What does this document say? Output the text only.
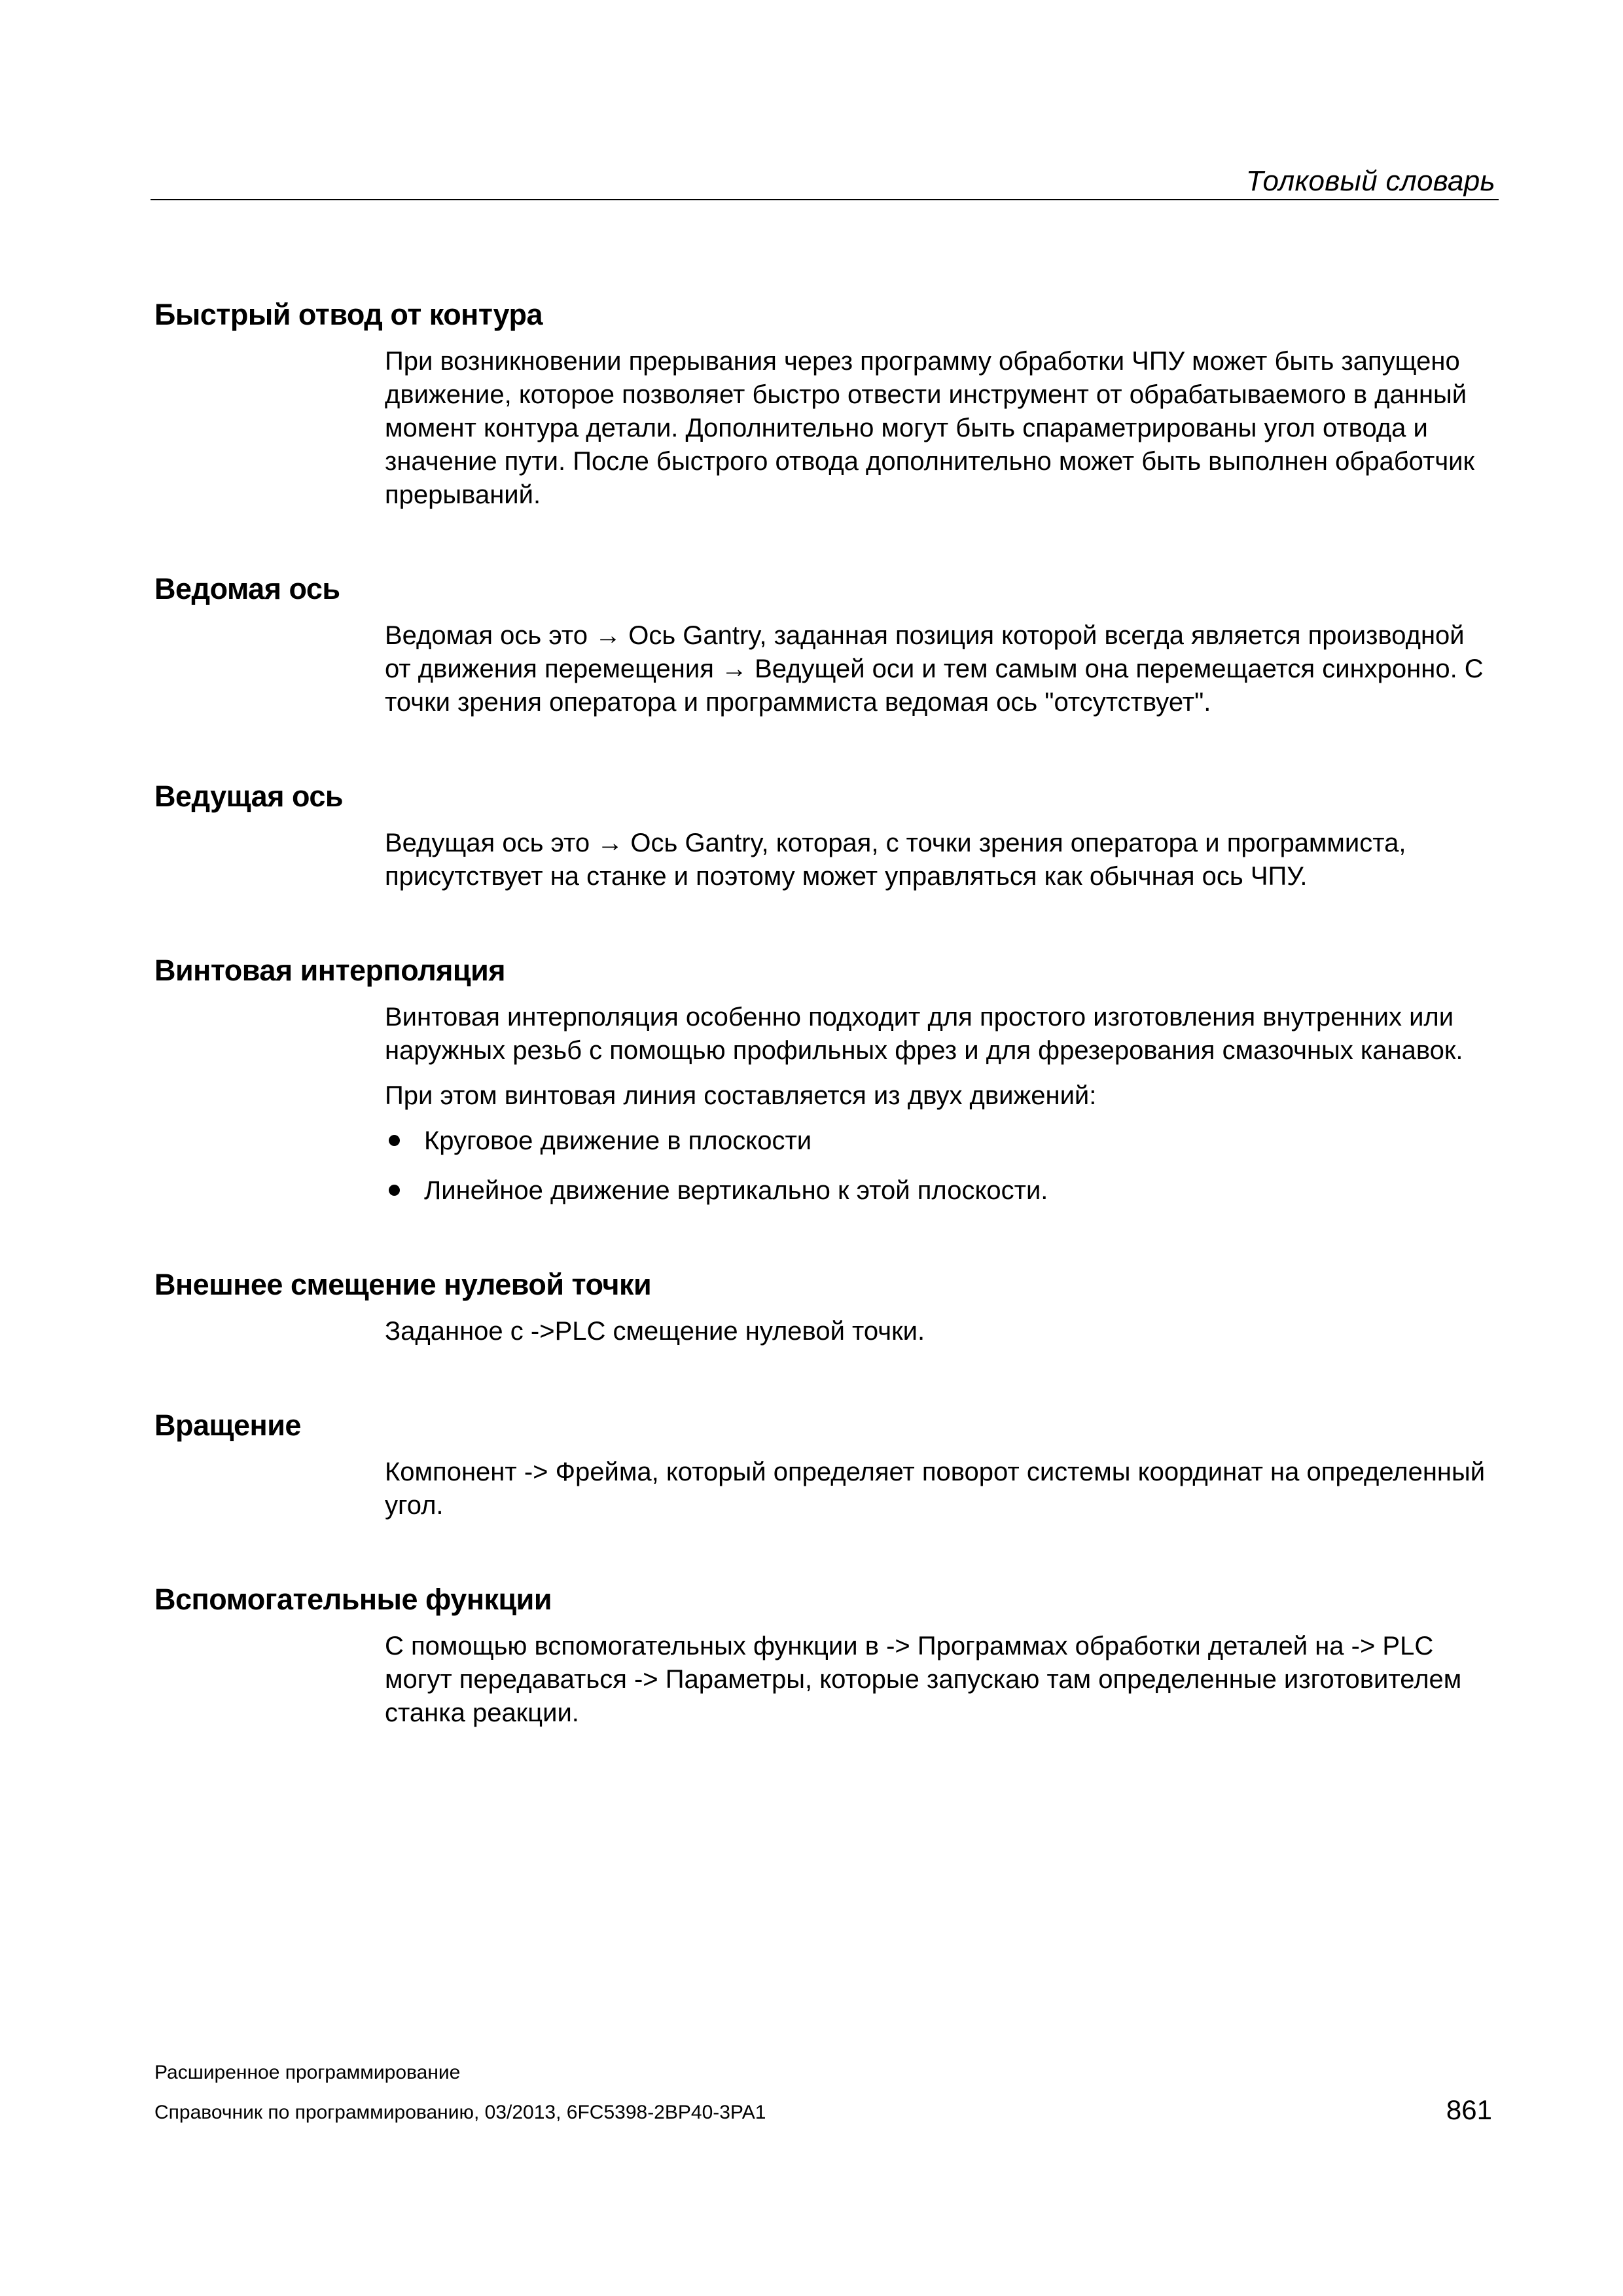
Толковый словарь
Быстрый отвод от контура

При возникновении прерывания через программу обработки ЧПУ может быть запущено движение, которое позволяет быстро отвести инструмент от обрабатываемого в данный момент контура детали. Дополнительно могут быть спараметрированы угол отвода и значение пути. После быстрого отвода дополнительно может быть выполнен обработчик прерываний.

Ведомая ось

Ведомая ось это → Ось Gantry, заданная позиция которой всегда является производной от движения перемещения → Ведущей оси и тем самым она перемещается синхронно. С точки зрения оператора и программиста ведомая ось "отсутствует".

Ведущая ось

Ведущая ось это → Ось Gantry, которая, с точки зрения оператора и программиста, присутствует на станке и поэтому может управляться как обычная ось ЧПУ.

Винтовая интерполяция

Винтовая интерполяция особенно подходит для простого изготовления внутренних или наружных резьб с помощью профильных фрез и для фрезерования смазочных канавок.

При этом винтовая линия составляется из двух движений:

Круговое движение в плоскости
Линейное движение вертикально к этой плоскости.
Внешнее смещение нулевой точки

Заданное с ->PLC смещение нулевой точки.

Вращение

Компонент -> Фрейма, который определяет поворот системы координат на определенный угол.

Вспомогательные функции

С помощью вспомогательных функции в -> Программах обработки деталей на -> PLC могут передаваться -> Параметры, которые запускаю там определенные изготовителем станка реакции.

Расширенное программирование
Справочник по программированию, 03/2013, 6FC5398-2BP40-3PA1	861
